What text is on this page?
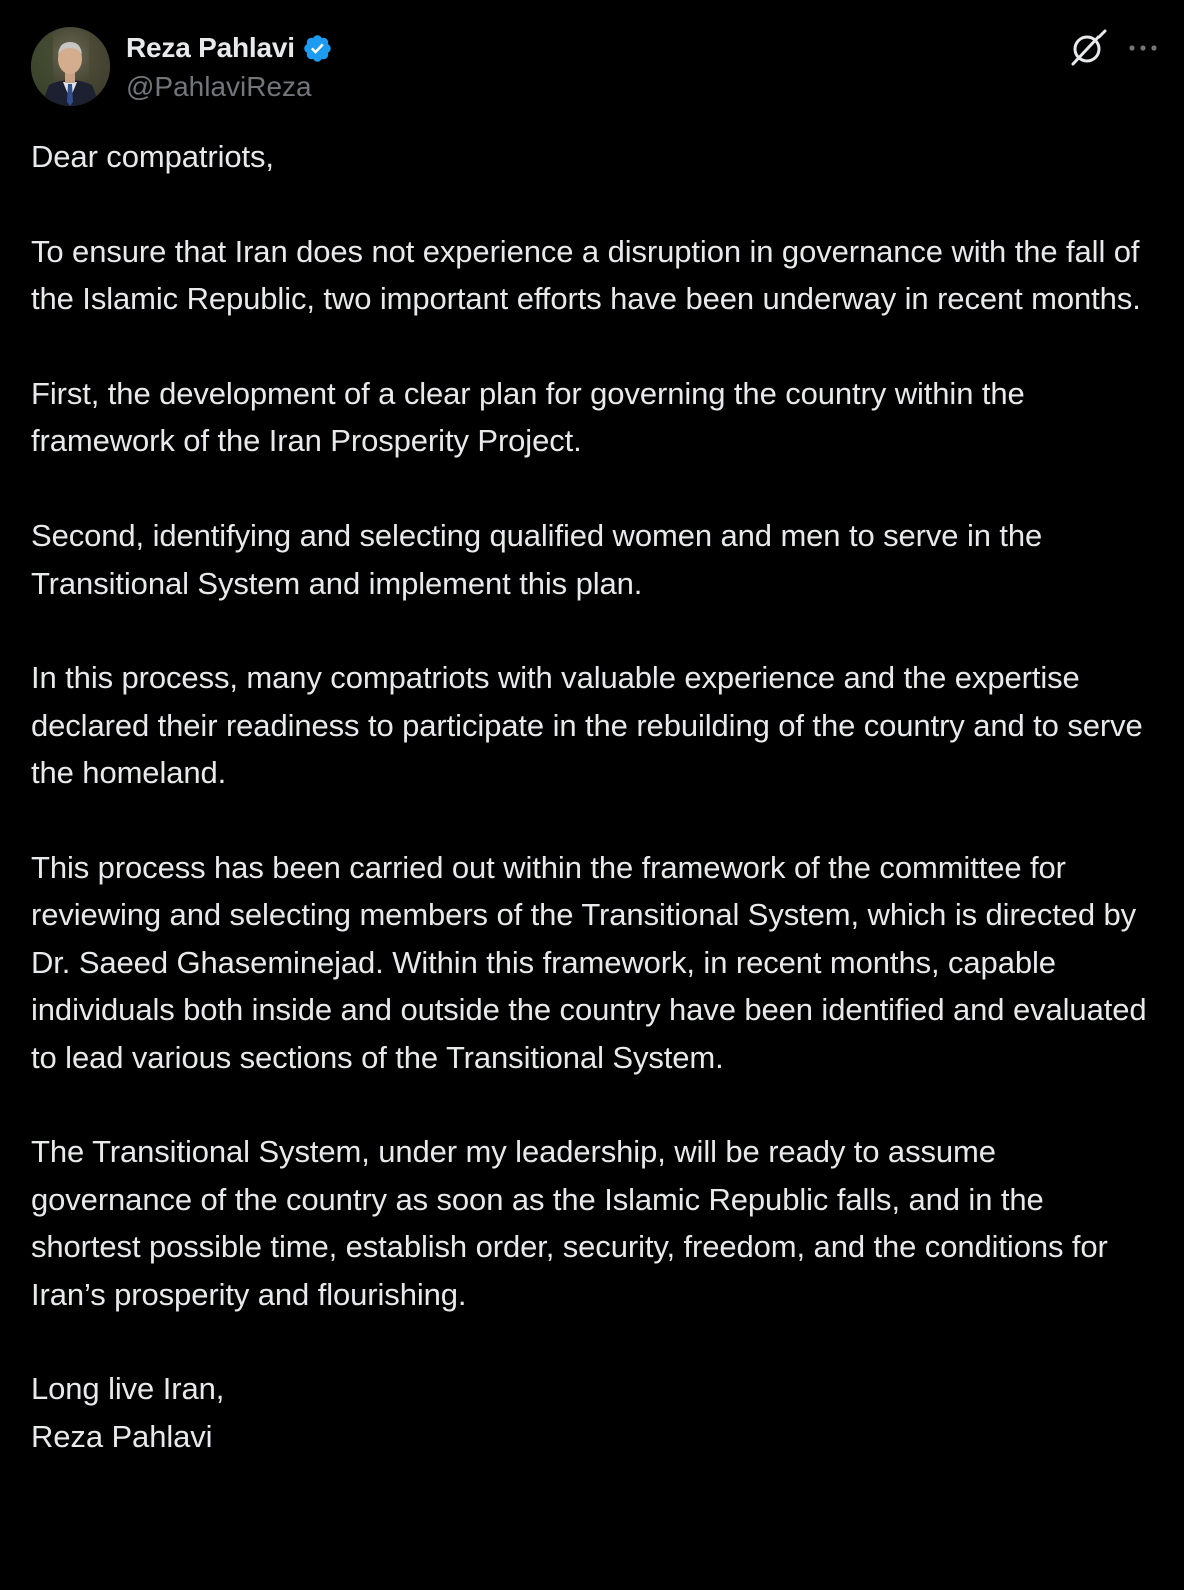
Reza Pahlavi
@PahlaviReza

Dear compatriots,

To ensure that Iran does not experience a disruption in governance with the fall of the Islamic Republic, two important efforts have been underway in recent months.

First, the development of a clear plan for governing the country within the framework of the Iran Prosperity Project.

Second, identifying and selecting qualified women and men to serve in the Transitional System and implement this plan.

In this process, many compatriots with valuable experience and the expertise declared their readiness to participate in the rebuilding of the country and to serve the homeland.

This process has been carried out within the framework of the committee for reviewing and selecting members of the Transitional System, which is directed by Dr. Saeed Ghaseminejad. Within this framework, in recent months, capable individuals both inside and outside the country have been identified and evaluated to lead various sections of the Transitional System.

The Transitional System, under my leadership, will be ready to assume governance of the country as soon as the Islamic Republic falls, and in the shortest possible time, establish order, security, freedom, and the conditions for Iran’s prosperity and flourishing.

Long live Iran,
Reza Pahlavi
